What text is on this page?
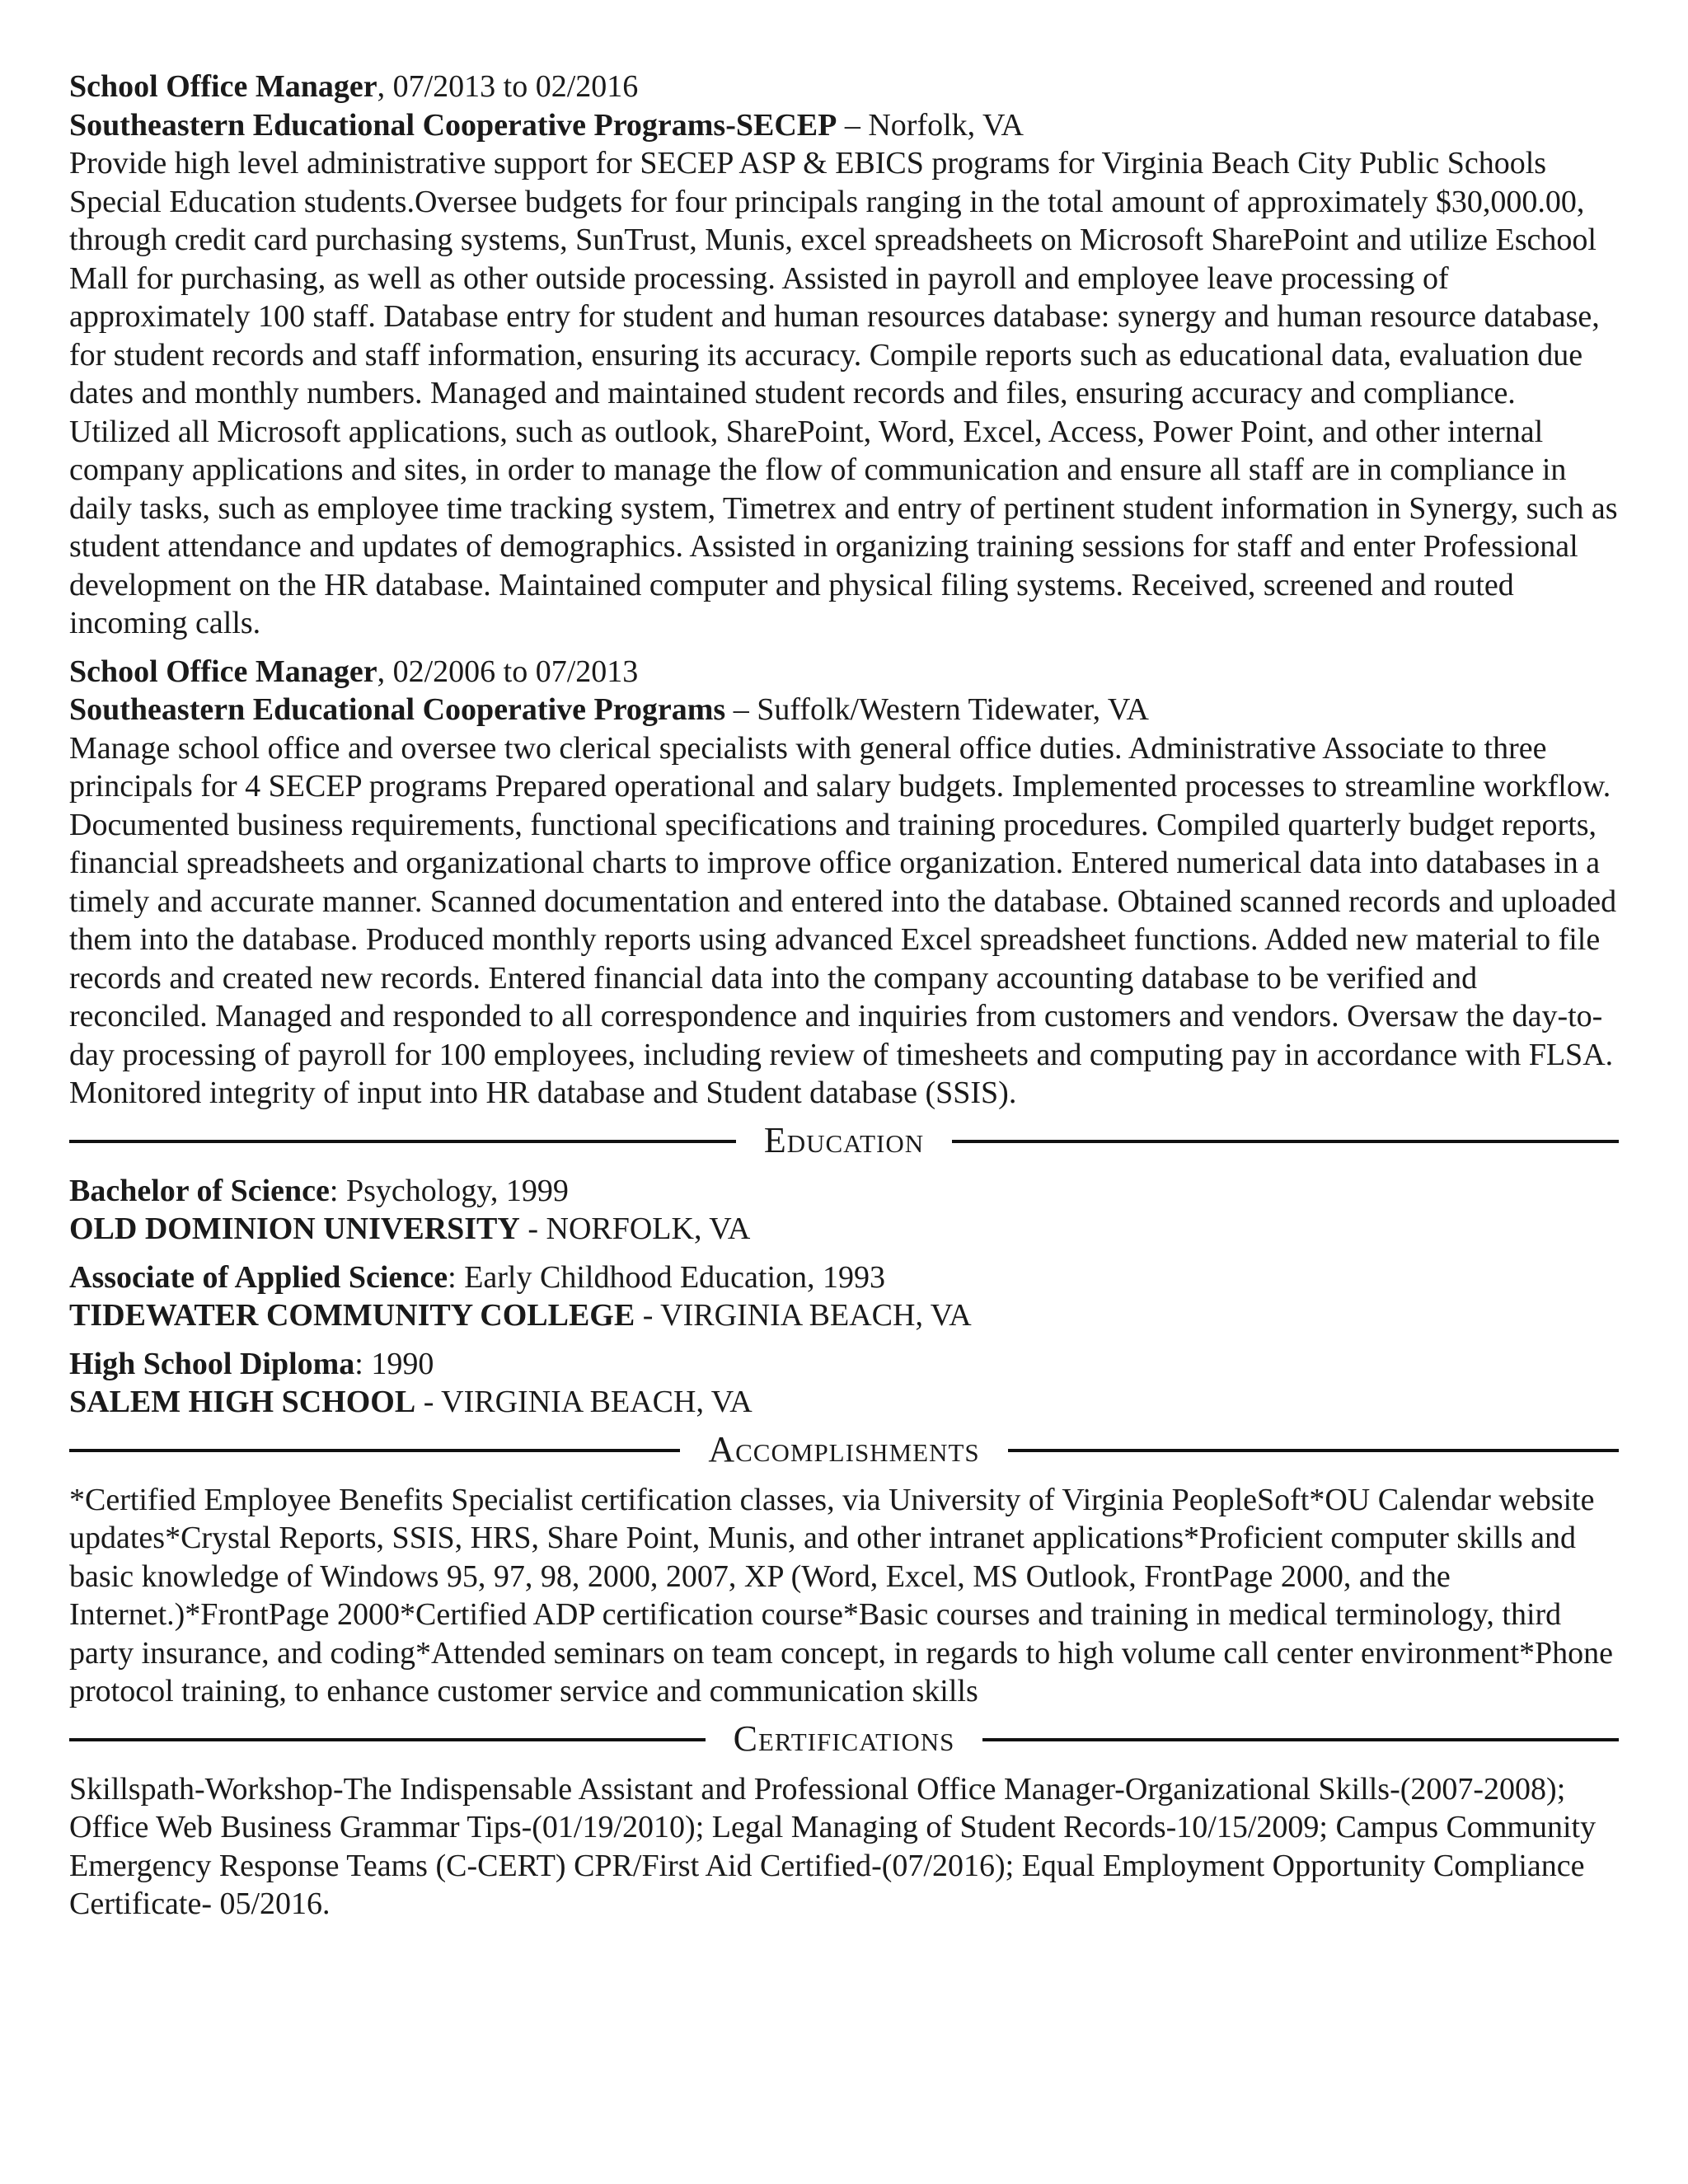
School Office Manager, 07/2013 to 02/2016
Southeastern Educational Cooperative Programs-SECEP – Norfolk, VA
Provide high level administrative support for SECEP ASP & EBICS programs for Virginia Beach City Public Schools Special Education students.Oversee budgets for four principals ranging in the total amount of approximately $30,000.00, through credit card purchasing systems, SunTrust, Munis, excel spreadsheets on Microsoft SharePoint and utilize Eschool Mall for purchasing, as well as other outside processing. Assisted in payroll and employee leave processing of approximately 100 staff. Database entry for student and human resources database: synergy and human resource database, for student records and staff information, ensuring its accuracy. Compile reports such as educational data, evaluation due dates and monthly numbers. Managed and maintained student records and files, ensuring accuracy and compliance. Utilized all Microsoft applications, such as outlook, SharePoint, Word, Excel, Access, Power Point, and other internal company applications and sites, in order to manage the flow of communication and ensure all staff are in compliance in daily tasks, such as employee time tracking system, Timetrex and entry of pertinent student information in Synergy, such as student attendance and updates of demographics. Assisted in organizing training sessions for staff and enter Professional development on the HR database. Maintained computer and physical filing systems. Received, screened and routed incoming calls.
School Office Manager, 02/2006 to 07/2013
Southeastern Educational Cooperative Programs – Suffolk/Western Tidewater, VA
Manage school office and oversee two clerical specialists with general office duties. Administrative Associate to three principals for 4 SECEP programs Prepared operational and salary budgets. Implemented processes to streamline workflow. Documented business requirements, functional specifications and training procedures. Compiled quarterly budget reports, financial spreadsheets and organizational charts to improve office organization. Entered numerical data into databases in a timely and accurate manner. Scanned documentation and entered into the database. Obtained scanned records and uploaded them into the database. Produced monthly reports using advanced Excel spreadsheet functions. Added new material to file records and created new records. Entered financial data into the company accounting database to be verified and reconciled. Managed and responded to all correspondence and inquiries from customers and vendors. Oversaw the day-to-day processing of payroll for 100 employees, including review of timesheets and computing pay in accordance with FLSA. Monitored integrity of input into HR database and Student database (SSIS).
Education
Bachelor of Science: Psychology, 1999
OLD DOMINION UNIVERSITY - NORFOLK, VA
Associate of Applied Science: Early Childhood Education, 1993
TIDEWATER COMMUNITY COLLEGE - VIRGINIA BEACH, VA
High School Diploma: 1990
SALEM HIGH SCHOOL - VIRGINIA BEACH, VA
Accomplishments
*Certified Employee Benefits Specialist certification classes, via University of Virginia PeopleSoft*OU Calendar website updates*Crystal Reports, SSIS, HRS, Share Point, Munis, and other intranet applications*Proficient computer skills and basic knowledge of Windows 95, 97, 98, 2000, 2007, XP (Word, Excel, MS Outlook, FrontPage 2000, and the Internet.)*FrontPage 2000*Certified ADP certification course*Basic courses and training in medical terminology, third party insurance, and coding*Attended seminars on team concept, in regards to high volume call center environment*Phone protocol training, to enhance customer service and communication skills
Certifications
Skillspath-Workshop-The Indispensable Assistant and Professional Office Manager-Organizational Skills-(2007-2008); Office Web Business Grammar Tips-(01/19/2010); Legal Managing of Student Records-10/15/2009; Campus Community Emergency Response Teams (C-CERT) CPR/First Aid Certified-(07/2016); Equal Employment Opportunity Compliance Certificate- 05/2016.
